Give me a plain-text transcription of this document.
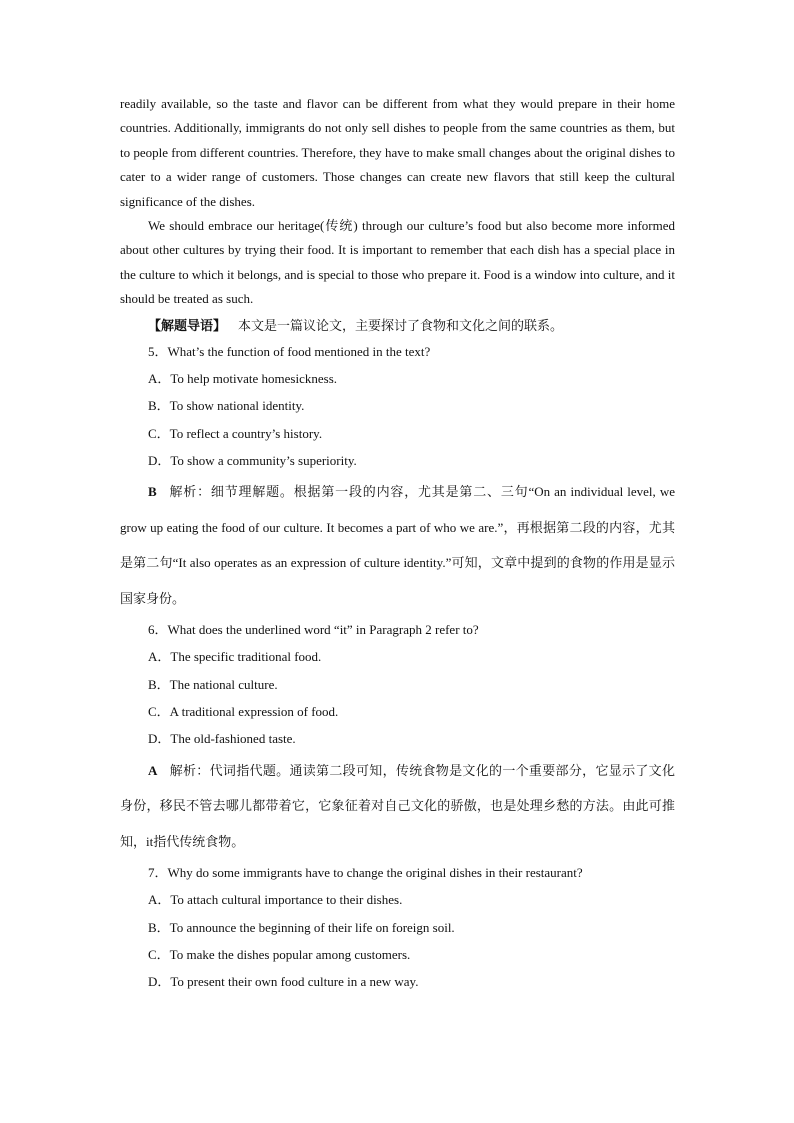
readily available, so the taste and flavor can be different from what they would prepare in their home countries. Additionally, immigrants do not only sell dishes to people from the same countries as them, but to people from different countries. Therefore, they have to make small changes about the original dishes to cater to a wider range of customers. Those changes can create new flavors that still keep the cultural significance of the dishes.

We should embrace our heritage(传统) through our culture’s food but also become more informed about other cultures by trying their food. It is important to remember that each dish has a special place in the culture to which it belongs, and is special to those who prepare it. Food is a window into culture, and it should be treated as such.

【解题导语】 本文是一篇议论文，主要探讨了食物和文化之间的联系。

5．What’s the function of food mentioned in the text?

A．To help motivate homesickness.

B．To show national identity.

C．To reflect a country’s history.

D．To show a community’s superiority.

B 解析：细节理解题。根据第一段的内容，尤其是第二、三句“On an individual level, we grow up eating the food of our culture. It becomes a part of who we are.”，再根据第二段的内容，尤其是第二句“It also operates as an expression of culture identity.”可知，文章中提到的食物的作用是显示国家身份。

6．What does the underlined word “it” in Paragraph 2 refer to?

A．The specific traditional food.

B．The national culture.

C．A traditional expression of food.

D．The old-fashioned taste.

A 解析：代词指代题。通读第二段可知，传统食物是文化的一个重要部分，它显示了文化身份，移民不管去哪儿都带着它，它象征着对自己文化的骄傲，也是处理乡愁的方法。由此可推知，it指代传统食物。

7．Why do some immigrants have to change the original dishes in their restaurant?

A．To attach cultural importance to their dishes.

B．To announce the beginning of their life on foreign soil.

C．To make the dishes popular among customers.

D．To present their own food culture in a new way.
